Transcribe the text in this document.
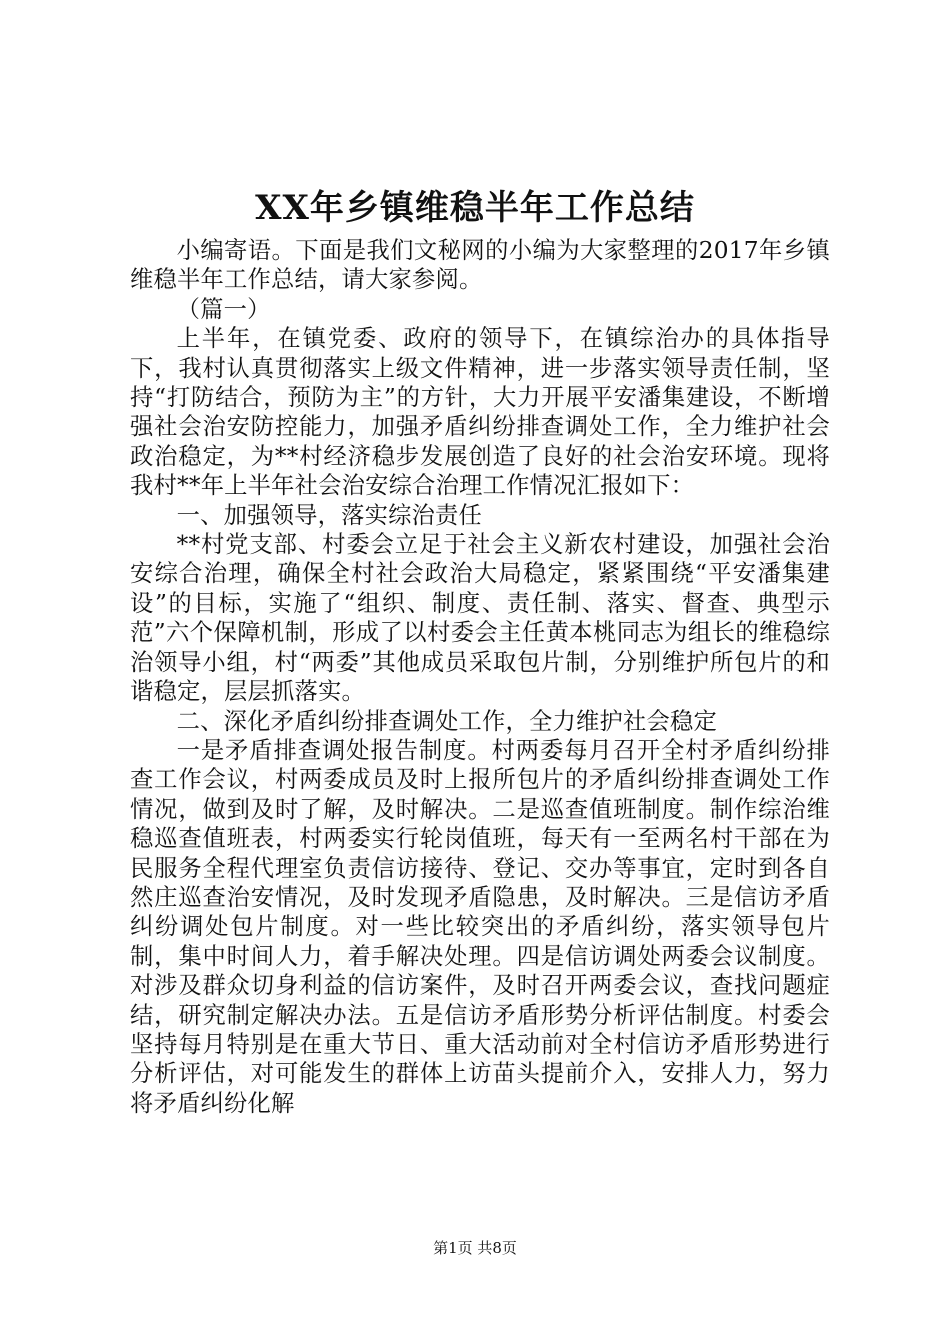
XX年乡镇维稳半年工作总结

小编寄语。下面是我们文秘网的小编为大家整理的2017年乡镇维稳半年工作总结，请大家参阅。

（篇一）

上半年，在镇党委、政府的领导下，在镇综治办的具体指导下，我村认真贯彻落实上级文件精神，进一步落实领导责任制，坚持“打防结合，预防为主”的方针，大力开展平安潘集建设，不断增强社会治安防控能力，加强矛盾纠纷排查调处工作，全力维护社会政治稳定，为**村经济稳步发展创造了良好的社会治安环境。现将我村**年上半年社会治安综合治理工作情况汇报如下：

一、加强领导，落实综治责任

**村党支部、村委会立足于社会主义新农村建设，加强社会治安综合治理，确保全村社会政治大局稳定，紧紧围绕“平安潘集建设”的目标，实施了“组织、制度、责任制、落实、督查、典型示范”六个保障机制，形成了以村委会主任黄本桃同志为组长的维稳综治领导小组，村“两委”其他成员采取包片制，分别维护所包片的和谐稳定，层层抓落实。

二、深化矛盾纠纷排查调处工作，全力维护社会稳定

一是矛盾排查调处报告制度。村两委每月召开全村矛盾纠纷排查工作会议，村两委成员及时上报所包片的矛盾纠纷排查调处工作情况，做到及时了解，及时解决。二是巡查值班制度。制作综治维稳巡查值班表，村两委实行轮岗值班，每天有一至两名村干部在为民服务全程代理室负责信访接待、登记、交办等事宜，定时到各自然庄巡查治安情况，及时发现矛盾隐患，及时解决。三是信访矛盾纠纷调处包片制度。对一些比较突出的矛盾纠纷，落实领导包片制，集中时间人力，着手解决处理。四是信访调处两委会议制度。对涉及群众切身利益的信访案件，及时召开两委会议，查找问题症结，研究制定解决办法。五是信访矛盾形势分析评估制度。村委会坚持每月特别是在重大节日、重大活动前对全村信访矛盾形势进行分析评估，对可能发生的群体上访苗头提前介入，安排人力，努力将矛盾纠纷化解

第1页 共8页
